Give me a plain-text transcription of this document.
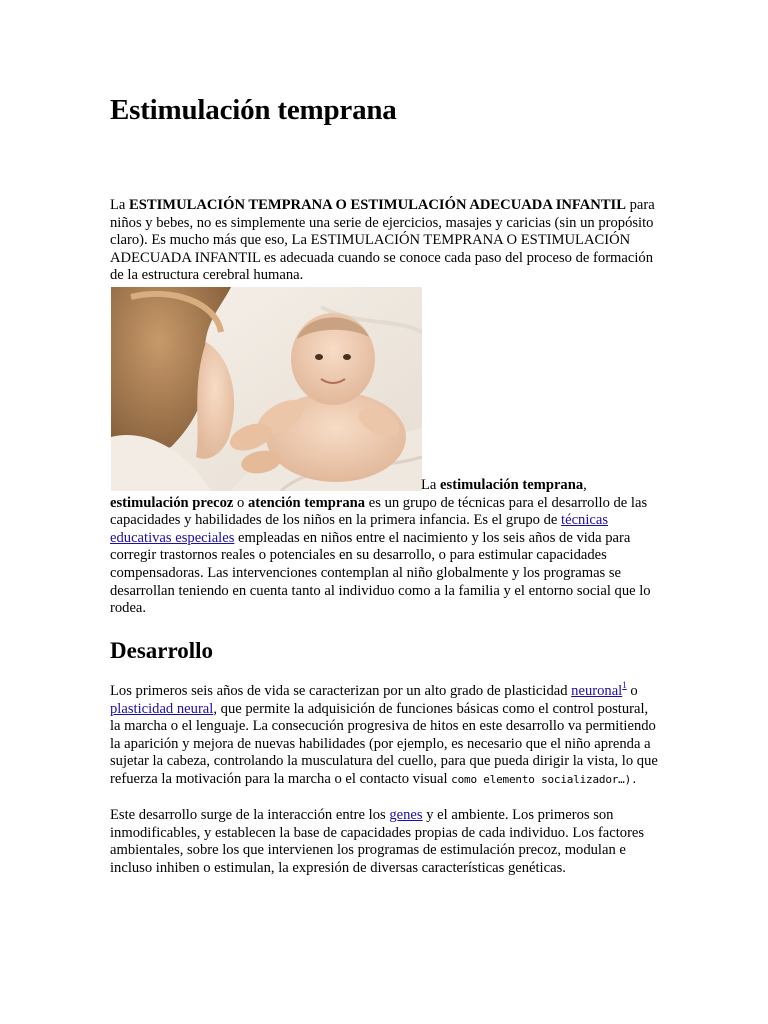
Estimulación temprana

La ESTIMULACIÓN TEMPRANA O ESTIMULACIÓN ADECUADA INFANTIL para niños y bebes, no es simplemente una serie de ejercicios, masajes y caricias (sin un propósito claro). Es mucho más que eso, La ESTIMULACIÓN TEMPRANA O ESTIMULACIÓN ADECUADA INFANTIL es adecuada cuando se conoce cada paso del proceso de formación de la estructura cerebral humana.

La estimulación temprana, estimulación precoz o atención temprana es un grupo de técnicas para el desarrollo de las capacidades y habilidades de los niños en la primera infancia. Es el grupo de técnicas educativas especiales empleadas en niños entre el nacimiento y los seis años de vida para corregir trastornos reales o potenciales en su desarrollo, o para estimular capacidades compensadoras. Las intervenciones contemplan al niño globalmente y los programas se desarrollan teniendo en cuenta tanto al individuo como a la familia y el entorno social que lo rodea.

Desarrollo

Los primeros seis años de vida se caracterizan por un alto grado de plasticidad neuronal$^1$ o plasticidad neural, que permite la adquisición de funciones básicas como el control postural, la marcha o el lenguaje. La consecución progresiva de hitos en este desarrollo va permitiendo la aparición y mejora de nuevas habilidades (por ejemplo, es necesario que el niño aprenda a sujetar la cabeza, controlando la musculatura del cuello, para que pueda dirigir la vista, lo que refuerza la motivación para la marcha o el contacto visual como elemento socializador…).

Este desarrollo surge de la interacción entre los genes y el ambiente. Los primeros son inmodificables, y establecen la base de capacidades propias de cada individuo. Los factores ambientales, sobre los que intervienen los programas de estimulación precoz, modulan e incluso inhiben o estimulan, la expresión de diversas características genéticas.
